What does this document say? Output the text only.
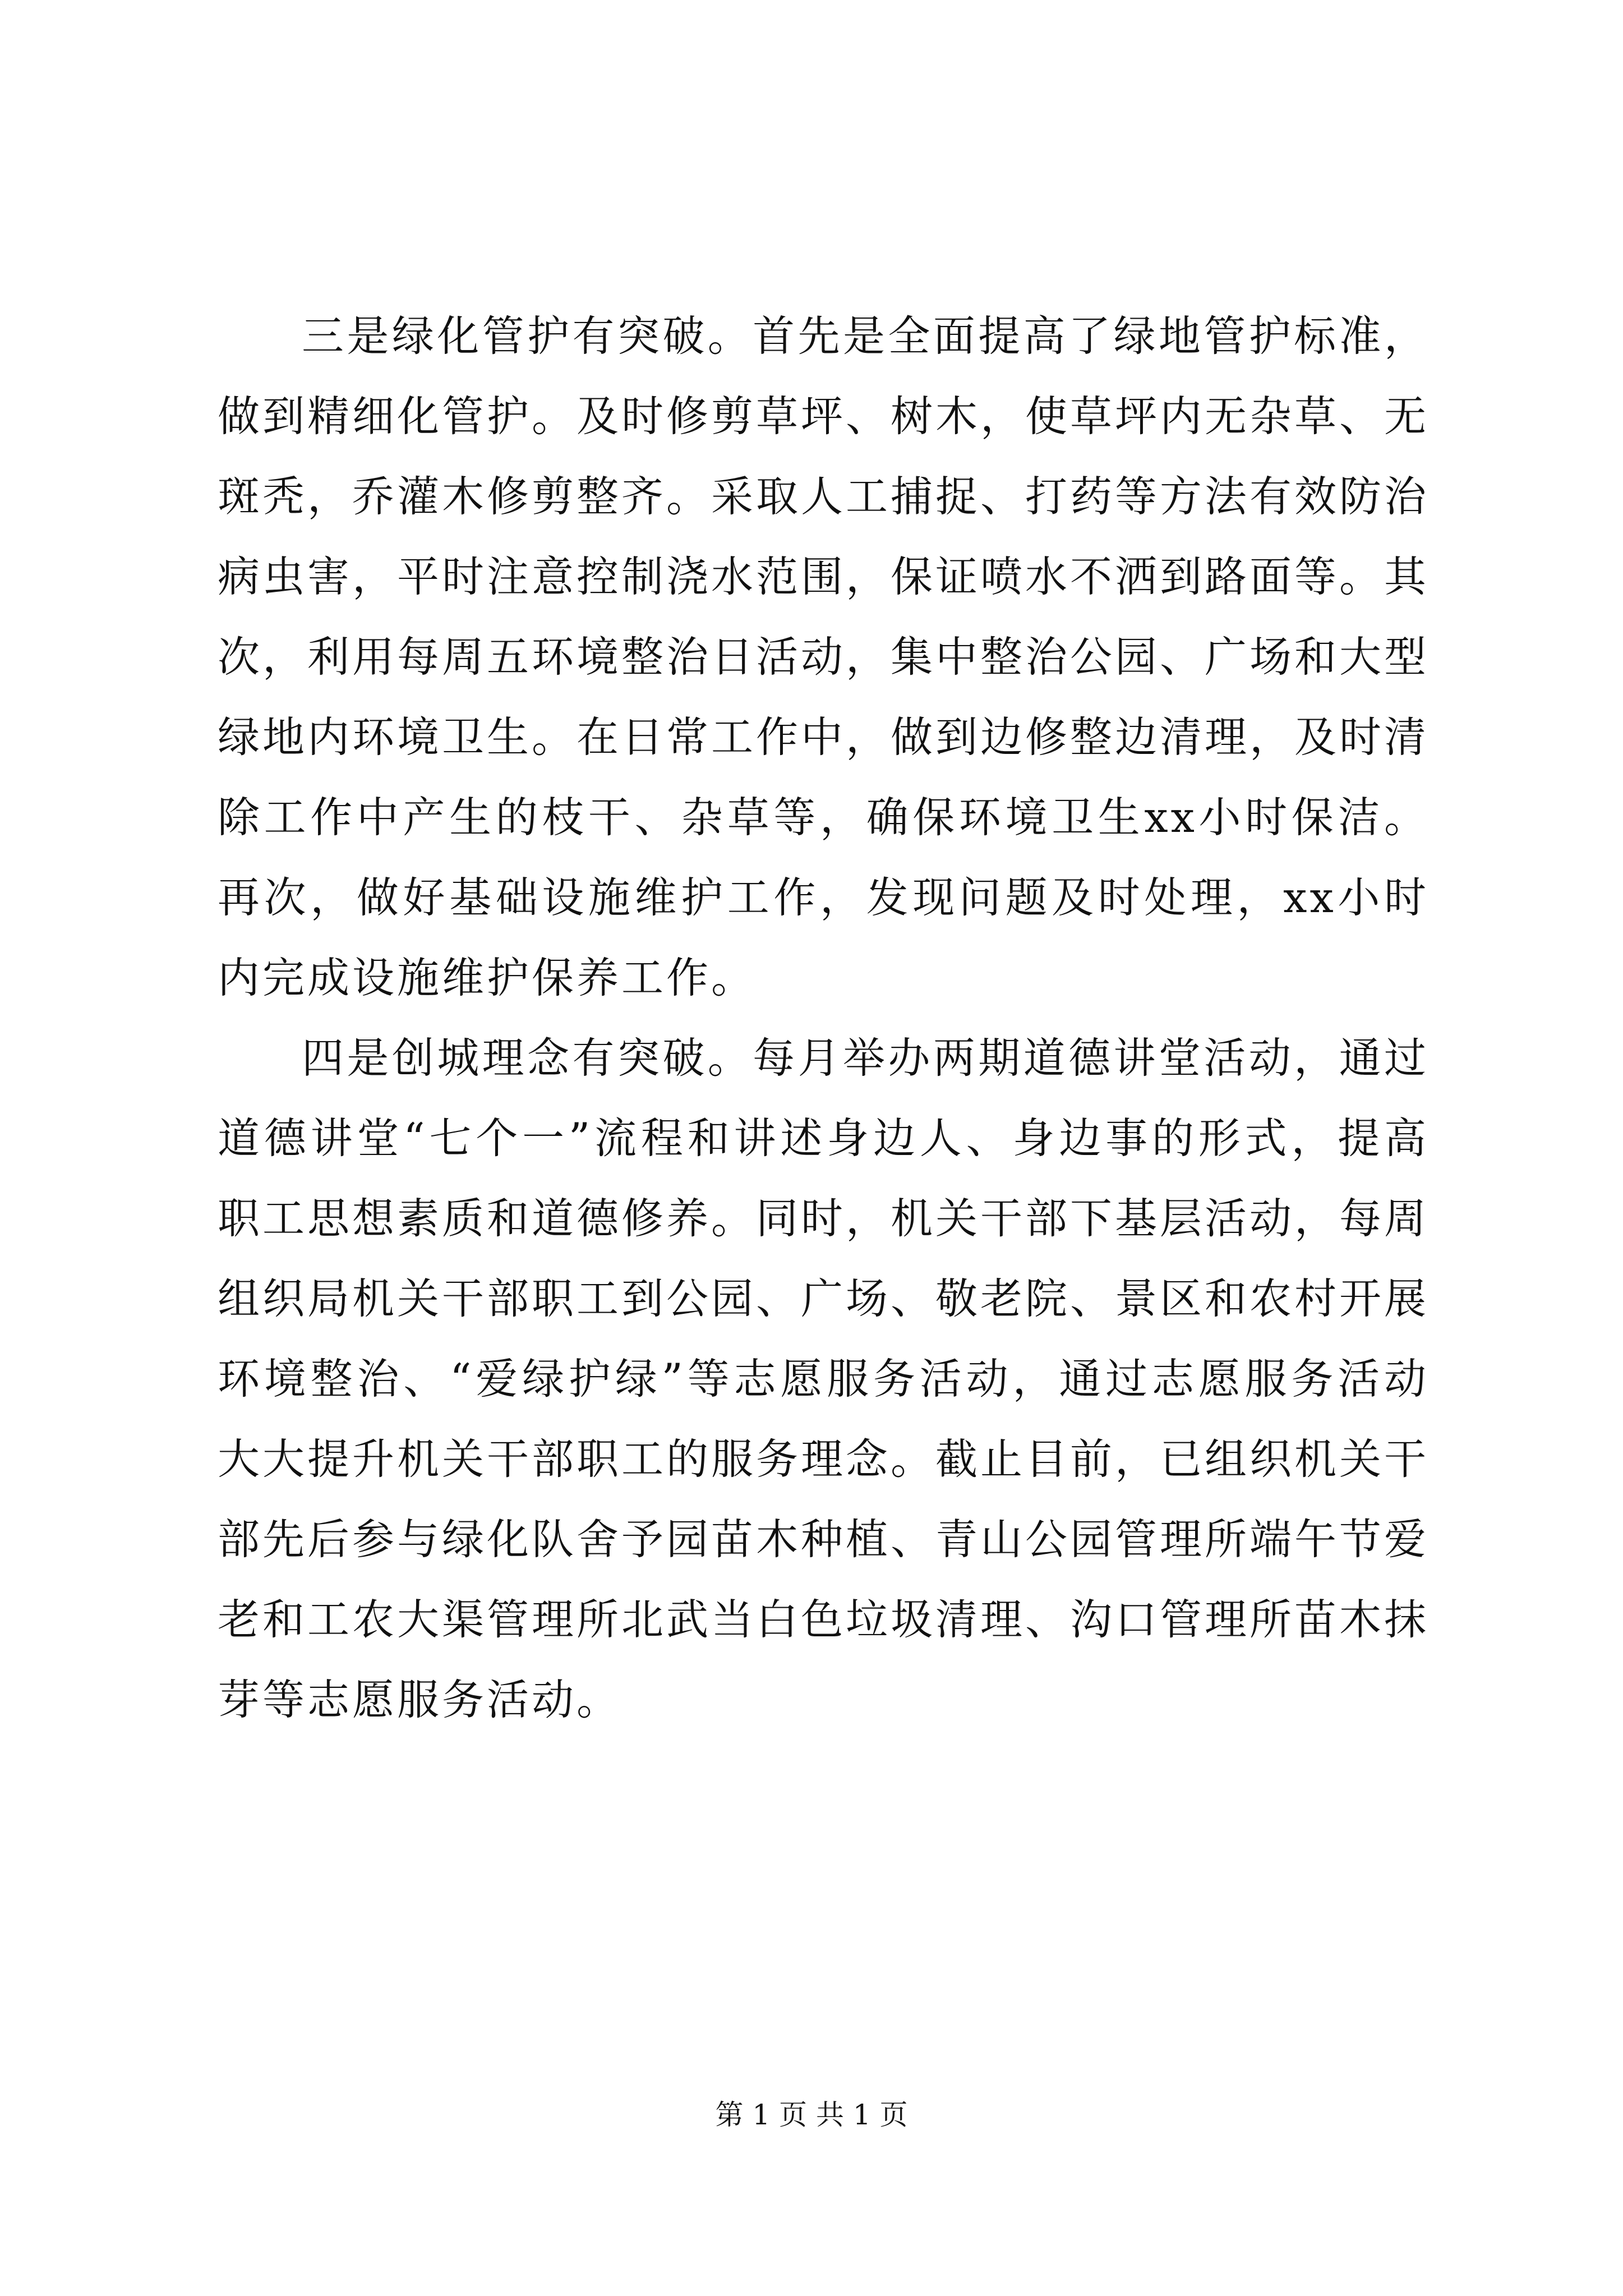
三是绿化管护有突破。首先是全面提高了绿地管护标准，做到精细化管护。及时修剪草坪、树木，使草坪内无杂草、无斑秃，乔灌木修剪整齐。采取人工捕捉、打药等方法有效防治病虫害，平时注意控制浇水范围，保证喷水不洒到路面等。其次，利用每周五环境整治日活动，集中整治公园、广场和大型绿地内环境卫生。在日常工作中，做到边修整边清理，及时清除工作中产生的枝干、杂草等，确保环境卫生xx小时保洁。再次，做好基础设施维护工作，发现问题及时处理，xx小时内完成设施维护保养工作。

四是创城理念有突破。每月举办两期道德讲堂活动，通过道德讲堂“七个一”流程和讲述身边人、身边事的形式，提高职工思想素质和道德修养。同时，机关干部下基层活动，每周组织局机关干部职工到公园、广场、敬老院、景区和农村开展环境整治、“爱绿护绿”等志愿服务活动，通过志愿服务活动大大提升机关干部职工的服务理念。截止目前，已组织机关干部先后参与绿化队舍予园苗木种植、青山公园管理所端午节爱老和工农大渠管理所北武当白色垃圾清理、沟口管理所苗木抹芽等志愿服务活动。

第 1 页 共 1 页
